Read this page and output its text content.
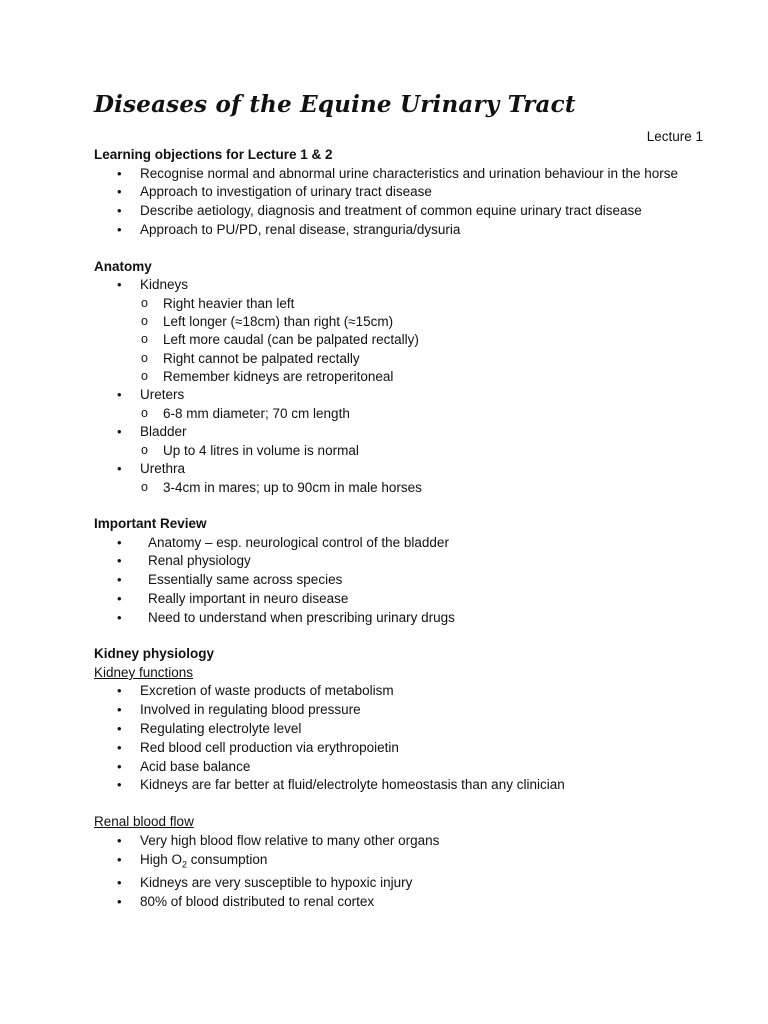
Diseases of the Equine Urinary Tract
Lecture 1

Learning objections for Lecture 1 & 2

• Recognise normal and abnormal urine characteristics and urination behaviour in the horse
• Approach to investigation of urinary tract disease
• Describe aetiology, diagnosis and treatment of common equine urinary tract disease
• Approach to PU/PD, renal disease, stranguria/dysuria

Anatomy

• Kidneys
o Right heavier than left
o Left longer (≈18cm) than right (≈15cm)
o Left more caudal (can be palpated rectally)
o Right cannot be palpated rectally
o Remember kidneys are retroperitoneal
• Ureters
o 6-8 mm diameter; 70 cm length
• Bladder
o Up to 4 litres in volume is normal
• Urethra
o 3-4cm in mares; up to 90cm in male horses

Important Review

• Anatomy – esp. neurological control of the bladder
• Renal physiology
• Essentially same across species
• Really important in neuro disease
• Need to understand when prescribing urinary drugs

Kidney physiology

Kidney functions

• Excretion of waste products of metabolism
• Involved in regulating blood pressure
• Regulating electrolyte level
• Red blood cell production via erythropoietin
• Acid base balance
• Kidneys are far better at fluid/electrolyte homeostasis than any clinician

Renal blood flow

• Very high blood flow relative to many other organs
• High $O_2$ consumption
• Kidneys are very susceptible to hypoxic injury
• 80% of blood distributed to renal cortex
